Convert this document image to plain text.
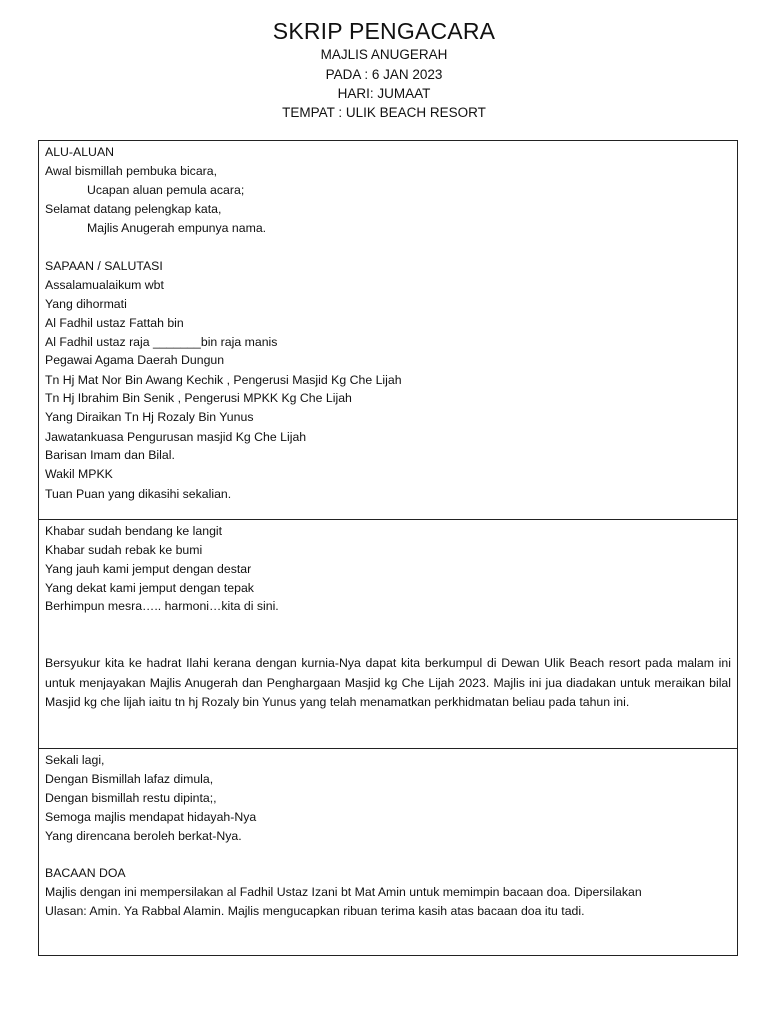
SKRIP PENGACARA
MAJLIS ANUGERAH
PADA : 6 JAN 2023
HARI: JUMAAT
TEMPAT : ULIK BEACH RESORT
ALU-ALUAN
Awal bismillah pembuka bicara,
Ucapan aluan pemula acara;
Selamat datang pelengkap kata,
Majlis Anugerah empunya nama.
SAPAAN / SALUTASI
Assalamualaikum wbt
Yang dihormati
Al Fadhil ustaz Fattah bin
Al Fadhil ustaz raja _______bin raja manis
Pegawai Agama Daerah Dungun
Tn Hj Mat Nor Bin Awang Kechik , Pengerusi Masjid Kg Che Lijah
Tn Hj Ibrahim Bin Senik , Pengerusi MPKK Kg Che Lijah
Yang Diraikan Tn Hj Rozaly Bin Yunus
Jawatankuasa Pengurusan masjid Kg Che Lijah
Barisan Imam dan Bilal.
Wakil MPKK
Tuan Puan yang dikasihi sekalian.
Khabar sudah bendang ke langit
Khabar sudah rebak ke bumi
Yang jauh kami jemput dengan destar
Yang dekat kami jemput dengan tepak
Berhimpun mesra….. harmoni…kita di sini.
Bersyukur kita ke hadrat Ilahi kerana dengan kurnia-Nya dapat kita berkumpul di Dewan Ulik Beach resort pada malam ini untuk menjayakan Majlis Anugerah dan Penghargaan Masjid kg Che Lijah 2023. Majlis ini jua diadakan untuk meraikan bilal Masjid kg che lijah iaitu tn hj Rozaly bin Yunus yang telah menamatkan perkhidmatan beliau pada tahun ini.
Sekali lagi,
Dengan Bismillah lafaz dimula,
Dengan bismillah restu dipinta;,
Semoga majlis mendapat hidayah-Nya
Yang direncana beroleh berkat-Nya.
BACAAN DOA
Majlis dengan ini mempersilakan al Fadhil Ustaz Izani bt Mat Amin untuk memimpin bacaan doa. Dipersilakan
Ulasan: Amin. Ya Rabbal Alamin. Majlis mengucapkan ribuan terima kasih atas bacaan doa itu tadi.
